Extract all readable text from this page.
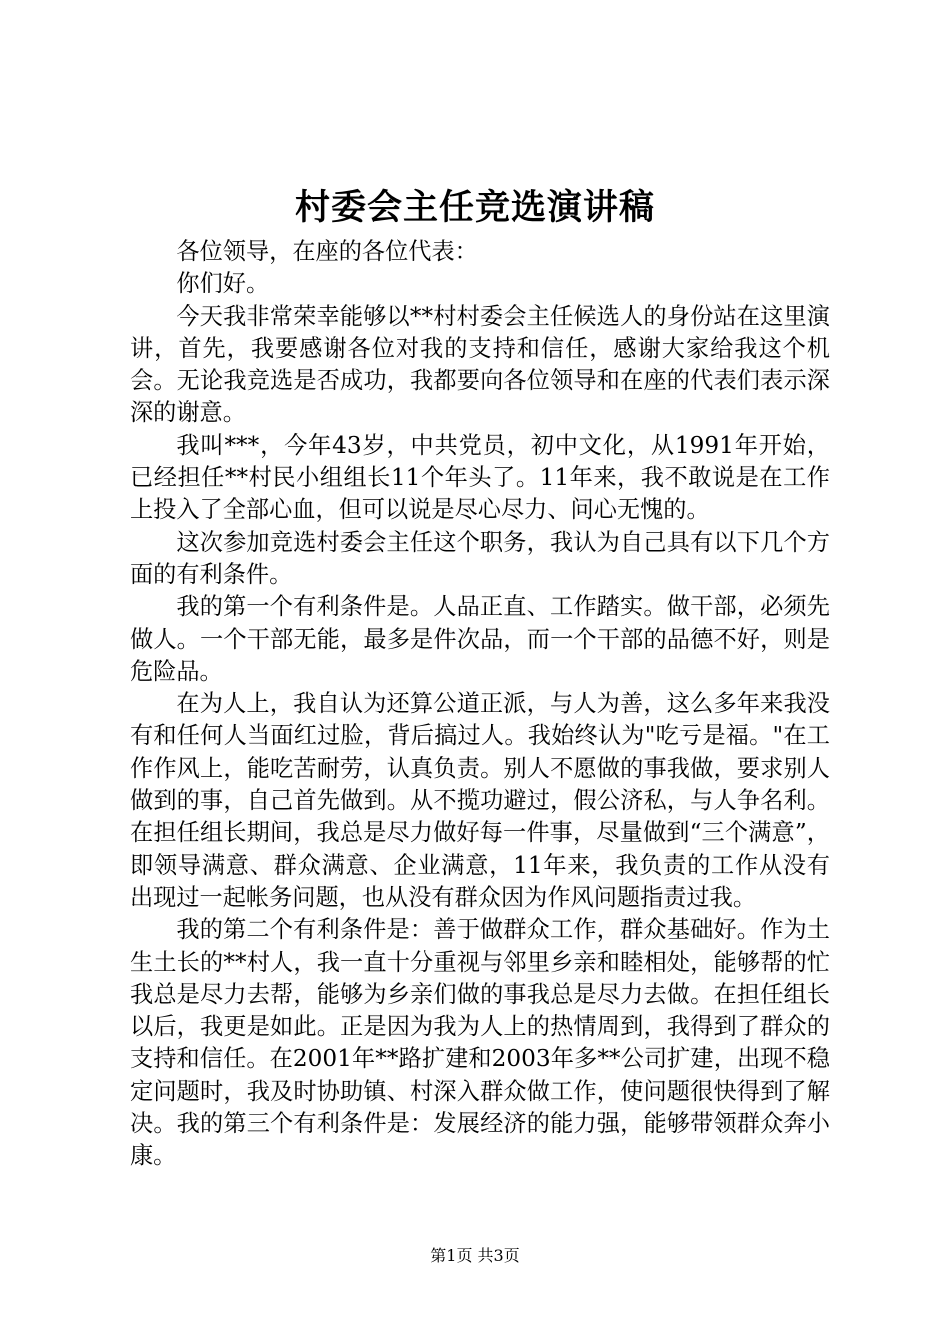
村委会主任竞选演讲稿

各位领导，在座的各位代表：

你们好。

今天我非常荣幸能够以**村村委会主任候选人的身份站在这里演讲，首先，我要感谢各位对我的支持和信任，感谢大家给我这个机会。无论我竞选是否成功，我都要向各位领导和在座的代表们表示深深的谢意。

我叫***，今年43岁，中共党员，初中文化，从1991年开始，已经担任**村民小组组长11个年头了。11年来，我不敢说是在工作上投入了全部心血，但可以说是尽心尽力、问心无愧的。

这次参加竞选村委会主任这个职务，我认为自己具有以下几个方面的有利条件。

我的第一个有利条件是。人品正直、工作踏实。做干部，必须先做人。一个干部无能，最多是件次品，而一个干部的品德不好，则是危险品。

在为人上，我自认为还算公道正派，与人为善，这么多年来我没有和任何人当面红过脸，背后搞过人。我始终认为"吃亏是福。"在工作作风上，能吃苦耐劳，认真负责。别人不愿做的事我做，要求别人做到的事，自己首先做到。从不揽功避过，假公济私，与人争名利。在担任组长期间，我总是尽力做好每一件事，尽量做到“三个满意”，即领导满意、群众满意、企业满意，11年来，我负责的工作从没有出现过一起帐务问题，也从没有群众因为作风问题指责过我。

我的第二个有利条件是：善于做群众工作，群众基础好。作为土生土长的**村人，我一直十分重视与邻里乡亲和睦相处，能够帮的忙我总是尽力去帮，能够为乡亲们做的事我总是尽力去做。在担任组长以后，我更是如此。正是因为我为人上的热情周到，我得到了群众的支持和信任。在2001年**路扩建和2003年多**公司扩建，出现不稳定问题时，我及时协助镇、村深入群众做工作，使问题很快得到了解决。我的第三个有利条件是：发展经济的能力强，能够带领群众奔小康。

第1页 共3页
